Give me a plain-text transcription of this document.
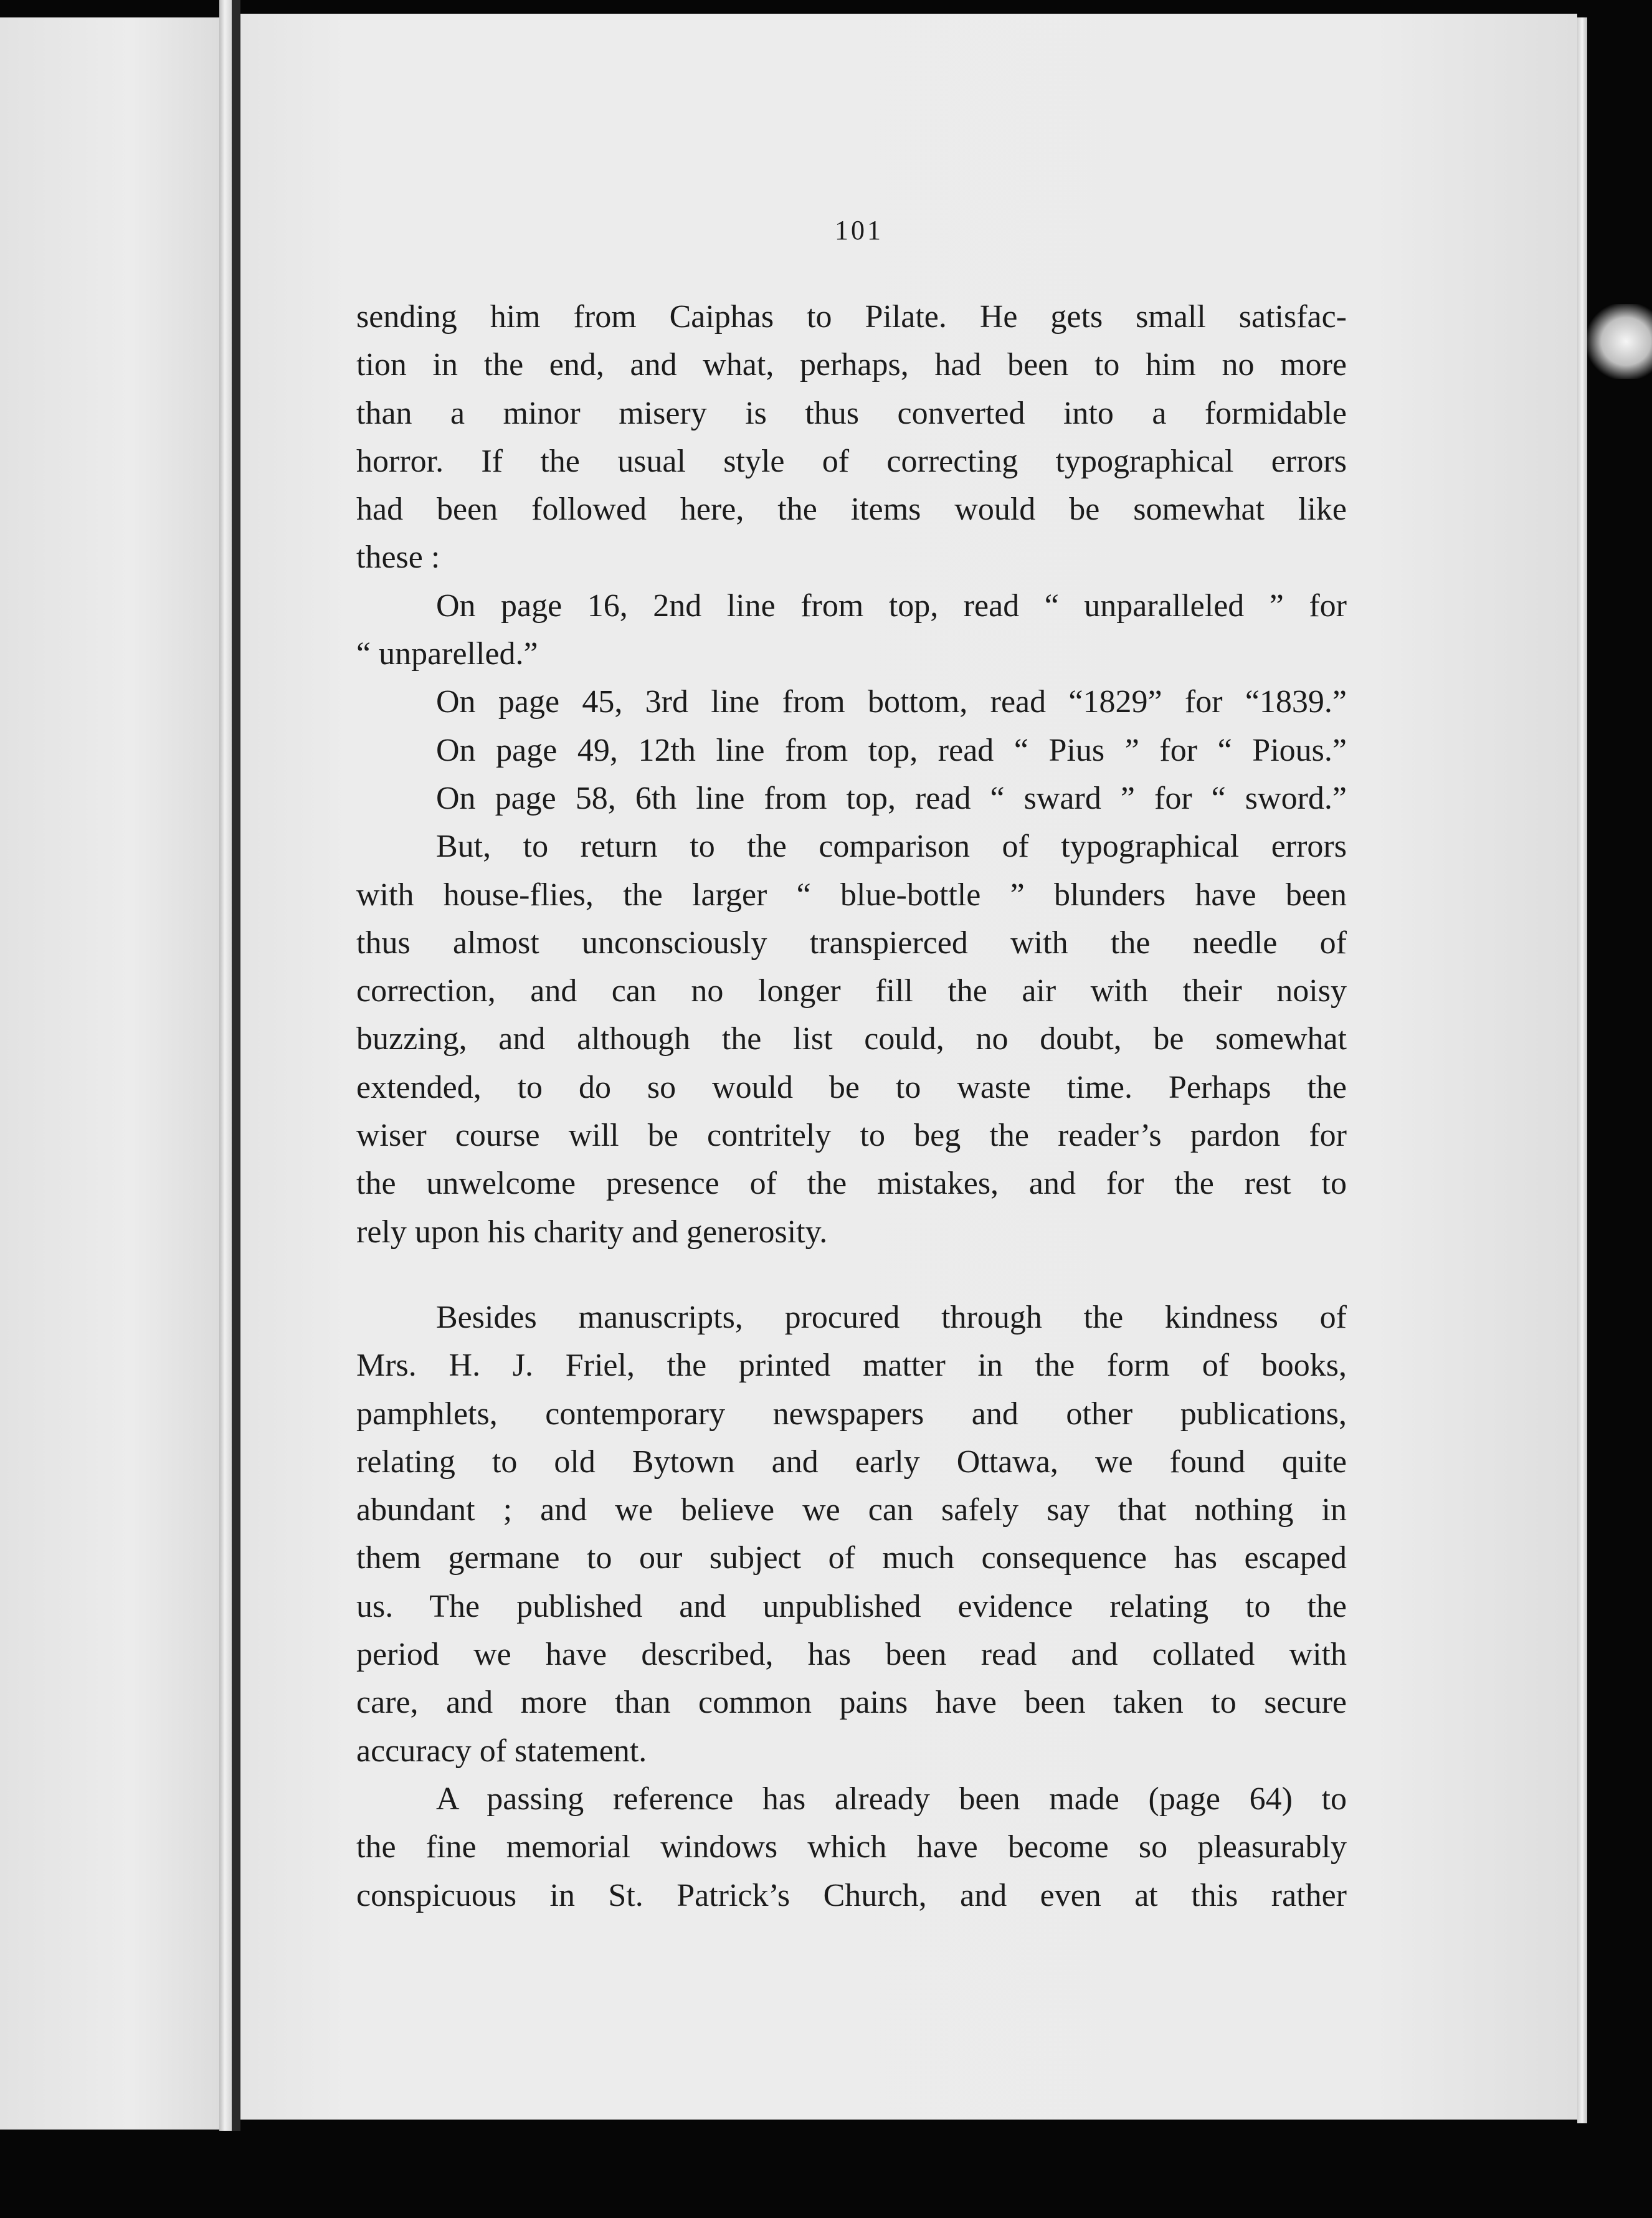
101
sending him from Caiphas to Pilate. He gets small satisfac-
tion in the end, and what, perhaps, had been to him no more
than a minor misery is thus converted into a formidable
horror. If the usual style of correcting typographical errors
had been followed here, the items would be somewhat like
these :
On page 16, 2nd line from top, read “ unparalleled ” for
“ unparelled.”
On page 45, 3rd line from bottom, read “1829” for “1839.”
On page 49, 12th line from top, read “ Pius ” for “ Pious.”
On page 58, 6th line from top, read “ sward ” for “ sword.”
But, to return to the comparison of typographical errors
with house-flies, the larger “ blue-bottle ” blunders have been
thus almost unconsciously transpierced with the needle of
correction, and can no longer fill the air with their noisy
buzzing, and although the list could, no doubt, be somewhat
extended, to do so would be to waste time. Perhaps the
wiser course will be contritely to beg the reader’s pardon for
the unwelcome presence of the mistakes, and for the rest to
rely upon his charity and generosity.
Besides manuscripts, procured through the kindness of
Mrs. H. J. Friel, the printed matter in the form of books,
pamphlets, contemporary newspapers and other publications,
relating to old Bytown and early Ottawa, we found quite
abundant ; and we believe we can safely say that nothing in
them germane to our subject of much consequence has escaped
us. The published and unpublished evidence relating to the
period we have described, has been read and collated with
care, and more than common pains have been taken to secure
accuracy of statement.
A passing reference has already been made (page 64) to
the fine memorial windows which have become so pleasurably
conspicuous in St. Patrick’s Church, and even at this rather
